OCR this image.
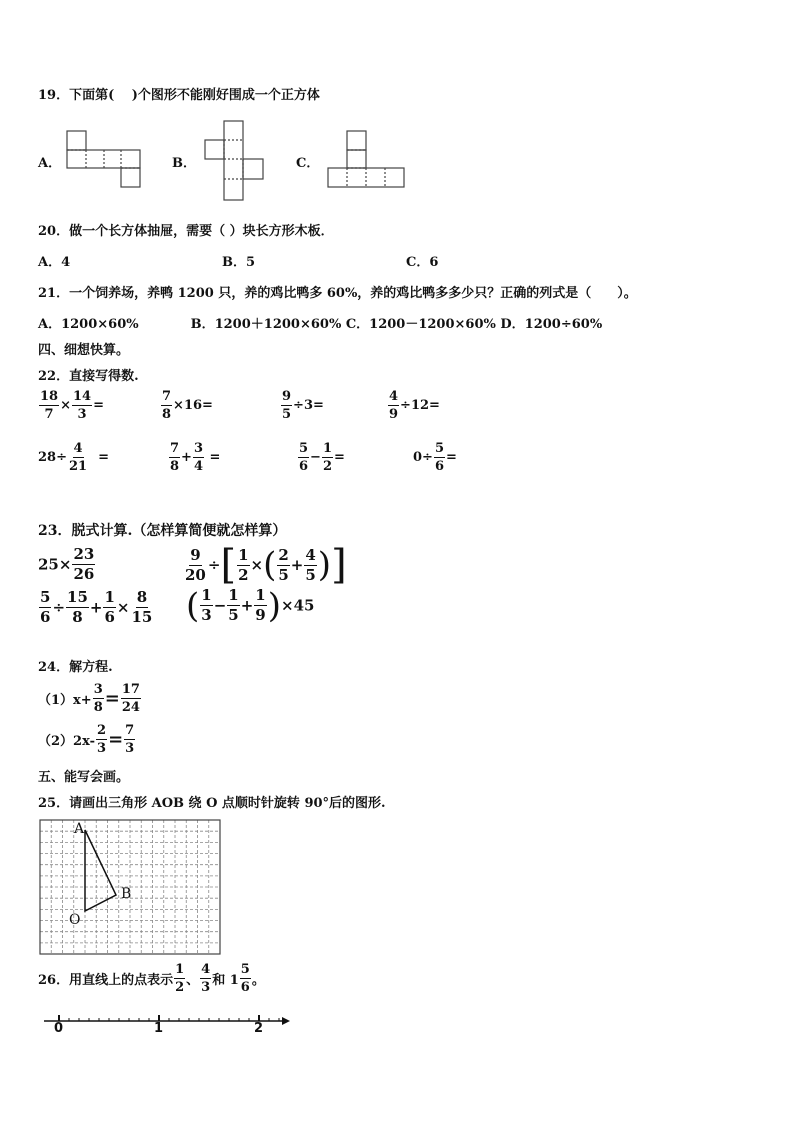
19．下面第(　 )个图形不能刚好围成一个正方体
A．	B．	C．
20．做一个长方体抽屉，需要（ ）块长方形木板．
A．4	B．5	C．6
21．一个饲养场，养鸭 1200 只，养的鸡比鸭多 60%，养的鸡比鸭多多少只？正确的列式是（　　）。
A．1200×60%　　　　B．1200＋1200×60% C．1200－1200×60% D．1200÷60%
四、细想快算。
22．直接写得数.
$\frac{18}{7} \times \frac{14}{3}$ =	$\frac{7}{8} \times 16=$	$\frac{9}{5} \div 3=$	$\frac{4}{9} \div 12=$
$28\div \frac{4}{21}$ =	$\frac{7}{8} + \frac{3}{4}$ =	$\frac{5}{6} - \frac{1}{2}$ =	$0\div \frac{5}{6}$ =
23．脱式计算.（怎样算简便就怎样算）
$25\times \frac{23}{26}$	$\frac{9}{20}$ ÷[ $\frac{1}{2}$ ×( $\frac{2}{5} + \frac{4}{5}$ )]
$\frac{5}{6} \div \frac{15}{8} + \frac{1}{6} \times \frac{8}{15}$ ( $\frac{1}{3} - \frac{1}{5} + \frac{1}{9} )\times 45$
24．解方程.
$(1)x+ \frac{3}{8} = \frac{17}{24}$
$(2)2x- \frac{2}{3} = \frac{7}{3}$
五、能写会画。
25．请画出三角形 AOB 绕 O 点顺时针旋转 90°后的图形.
A
B
O
26．用直线上的点表示 $\frac{1}{2}$ 、 $\frac{4}{3}$ 和 $1 \frac{5}{6}$ 。
0	1	2
